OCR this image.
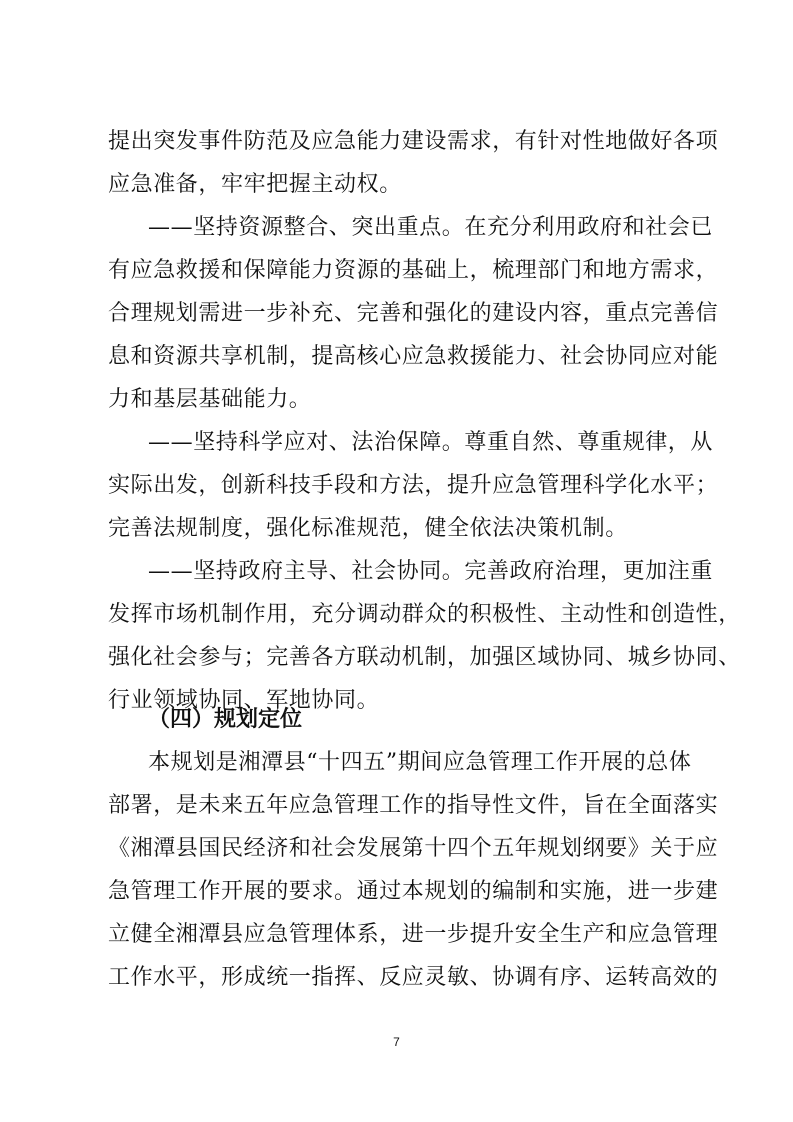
提出突发事件防范及应急能力建设需求，有针对性地做好各项
应急准备，牢牢把握主动权。
——坚持资源整合、突出重点。在充分利用政府和社会已
有应急救援和保障能力资源的基础上，梳理部门和地方需求，
合理规划需进一步补充、完善和强化的建设内容，重点完善信
息和资源共享机制，提高核心应急救援能力、社会协同应对能
力和基层基础能力。
——坚持科学应对、法治保障。尊重自然、尊重规律，从
实际出发，创新科技手段和方法，提升应急管理科学化水平；
完善法规制度，强化标准规范，健全依法决策机制。
——坚持政府主导、社会协同。完善政府治理，更加注重
发挥市场机制作用，充分调动群众的积极性、主动性和创造性，
强化社会参与；完善各方联动机制，加强区域协同、城乡协同、
行业领域协同、军地协同。
（四）规划定位
本规划是湘潭县“十四五”期间应急管理工作开展的总体
部署，是未来五年应急管理工作的指导性文件，旨在全面落实
《湘潭县国民经济和社会发展第十四个五年规划纲要》关于应
急管理工作开展的要求。通过本规划的编制和实施，进一步建
立健全湘潭县应急管理体系，进一步提升安全生产和应急管理
工作水平，形成统一指挥、反应灵敏、协调有序、运转高效的
7
